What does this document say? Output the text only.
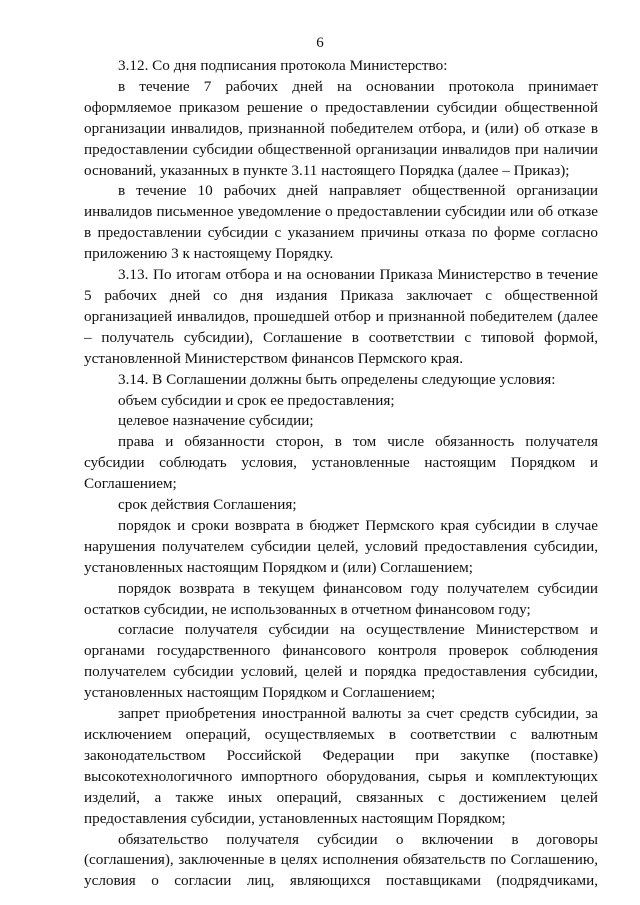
6

3.12. Со дня подписания протокола Министерство:

в течение 7 рабочих дней на основании протокола принимает оформляемое приказом решение о предоставлении субсидии общественной организации инвалидов, признанной победителем отбора, и (или) об отказе в предоставлении субсидии общественной организации инвалидов при наличии оснований, указанных в пункте 3.11 настоящего Порядка (далее – Приказ);

в течение 10 рабочих дней направляет общественной организации инвалидов письменное уведомление о предоставлении субсидии или об отказе в предоставлении субсидии с указанием причины отказа по форме согласно приложению 3 к настоящему Порядку.

3.13. По итогам отбора и на основании Приказа Министерство в течение 5 рабочих дней со дня издания Приказа заключает с общественной организацией инвалидов, прошедшей отбор и признанной победителем (далее – получатель субсидии), Соглашение в соответствии с типовой формой, установленной Министерством финансов Пермского края.

3.14. В Соглашении должны быть определены следующие условия:

объем субсидии и срок ее предоставления;

целевое назначение субсидии;

права и обязанности сторон, в том числе обязанность получателя субсидии соблюдать условия, установленные настоящим Порядком и Соглашением;

срок действия Соглашения;

порядок и сроки возврата в бюджет Пермского края субсидии в случае нарушения получателем субсидии целей, условий предоставления субсидии, установленных настоящим Порядком и (или) Соглашением;

порядок возврата в текущем финансовом году получателем субсидии остатков субсидии, не использованных в отчетном финансовом году;

согласие получателя субсидии на осуществление Министерством и органами государственного финансового контроля проверок соблюдения получателем субсидии условий, целей и порядка предоставления субсидии, установленных настоящим Порядком и Соглашением;

запрет приобретения иностранной валюты за счет средств субсидии, за исключением операций, осуществляемых в соответствии с валютным законодательством Российской Федерации при закупке (поставке) высокотехнологичного импортного оборудования, сырья и комплектующих изделий, а также иных операций, связанных с достижением целей предоставления субсидии, установленных настоящим Порядком;

обязательство получателя субсидии о включении в договоры (соглашения), заключенные в целях исполнения обязательств по Соглашению, условия о согласии лиц, являющихся поставщиками (подрядчиками,
